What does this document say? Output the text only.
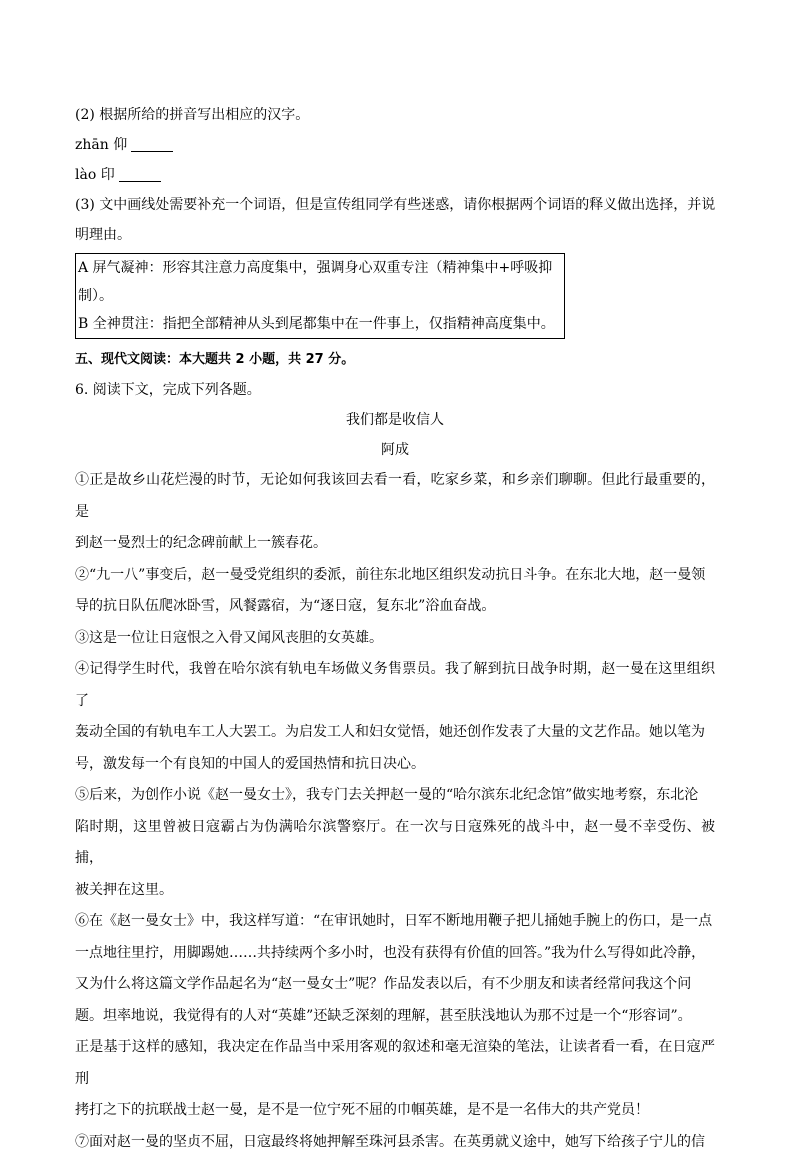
(2) 根据所给的拼音写出相应的汉字。

zhān 仰

lào 印

(3) 文中画线处需要补充一个词语，但是宣传组同学有些迷惑，请你根据两个词语的释义做出选择，并说

明理由。

A 屏气凝神：形容其注意力高度集中，强调身心双重专注（精神集中+呼吸抑

制）。

B 全神贯注：指把全部精神从头到尾都集中在一件事上，仅指精神高度集中。

五、现代文阅读：本大题共 2 小题，共 27 分。

6. 阅读下文，完成下列各题。

我们都是收信人

阿成

①正是故乡山花烂漫的时节，无论如何我该回去看一看，吃家乡菜，和乡亲们聊聊。但此行最重要的，是

到赵一曼烈士的纪念碑前献上一簇春花。

②“九一八”事变后，赵一曼受党组织的委派，前往东北地区组织发动抗日斗争。在东北大地，赵一曼领

导的抗日队伍爬冰卧雪，风餐露宿，为“逐日寇，复东北”浴血奋战。

③这是一位让日寇恨之入骨又闻风丧胆的女英雄。

④记得学生时代，我曾在哈尔滨有轨电车场做义务售票员。我了解到抗日战争时期，赵一曼在这里组织了

轰动全国的有轨电车工人大罢工。为启发工人和妇女觉悟，她还创作发表了大量的文艺作品。她以笔为

号，激发每一个有良知的中国人的爱国热情和抗日决心。

⑤后来，为创作小说《赵一曼女士》，我专门去关押赵一曼的“哈尔滨东北纪念馆”做实地考察，东北沦

陷时期，这里曾被日寇霸占为伪满哈尔滨警察厅。在一次与日寇殊死的战斗中，赵一曼不幸受伤、被捕，

被关押在这里。

⑥在《赵一曼女士》中，我这样写道：“在审讯她时，日军不断地用鞭子把儿捅她手腕上的伤口，是一点

一点地往里拧，用脚踢她……共持续两个多小时，也没有获得有价值的回答。”我为什么写得如此冷静，

又为什么将这篇文学作品起名为“赵一曼女士”呢？作品发表以后，有不少朋友和读者经常问我这个问

题。坦率地说，我觉得有的人对“英雄”还缺乏深刻的理解，甚至肤浅地认为那不过是一个“形容词”。

正是基于这样的感知，我决定在作品当中采用客观的叙述和毫无渲染的笔法，让读者看一看，在日寇严刑

拷打之下的抗联战士赵一曼，是不是一位宁死不屈的巾帼英雄，是不是一名伟大的共产党员！

⑦面对赵一曼的坚贞不屈，日寇最终将她押解至珠河县杀害。在英勇就义途中，她写下给孩子宁儿的信
